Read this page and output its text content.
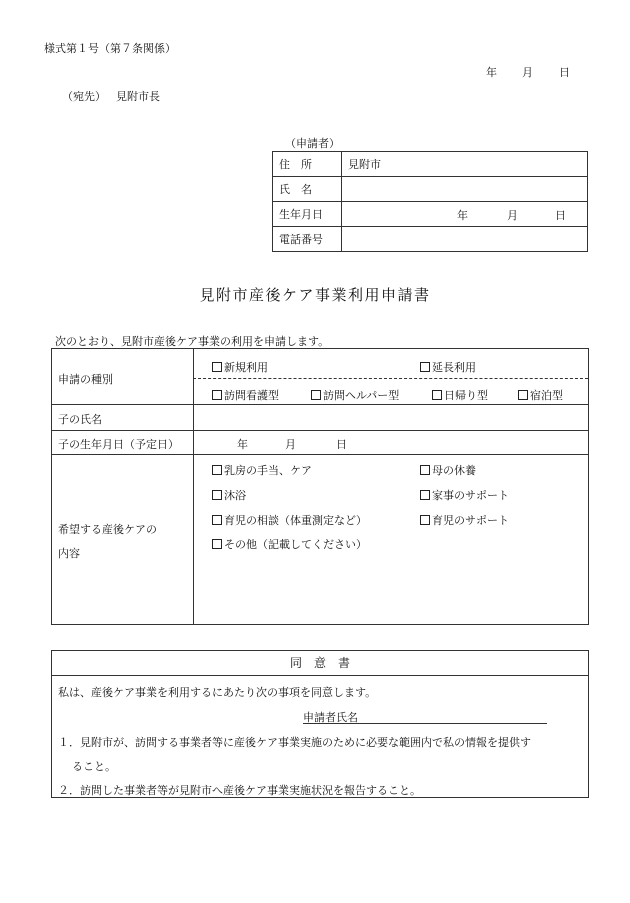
様式第１号（第７条関係）
年 月 日
（宛先） 見附市長
（申請者）
住　所	見附市
氏　名	
生年月日	年 月 日

電話番号	
見附市産後ケア事業利用申請書
次のとおり、見附市産後ケア事業の利用を申請します。
申請の種別
新規利用	延長利用
訪問看護型	訪問ヘルパー型	日帰り型	宿泊型
子の氏名
子の生年月日（予定日）	年	月	日
希望する産後ケアの
内容
乳房の手当、ケア
沐浴
育児の相談（体重測定など）
その他（記載してください）
母の休養
家事のサポート
育児のサポート
同　意　書
私は、産後ケア事業を利用するにあたり次の事項を同意します。
申請者氏名
１．見附市が、訪問する事業者等に産後ケア事業実施のために必要な範囲内で私の情報を提供す
ること。
２．訪問した事業者等が見附市へ産後ケア事業実施状況を報告すること。
